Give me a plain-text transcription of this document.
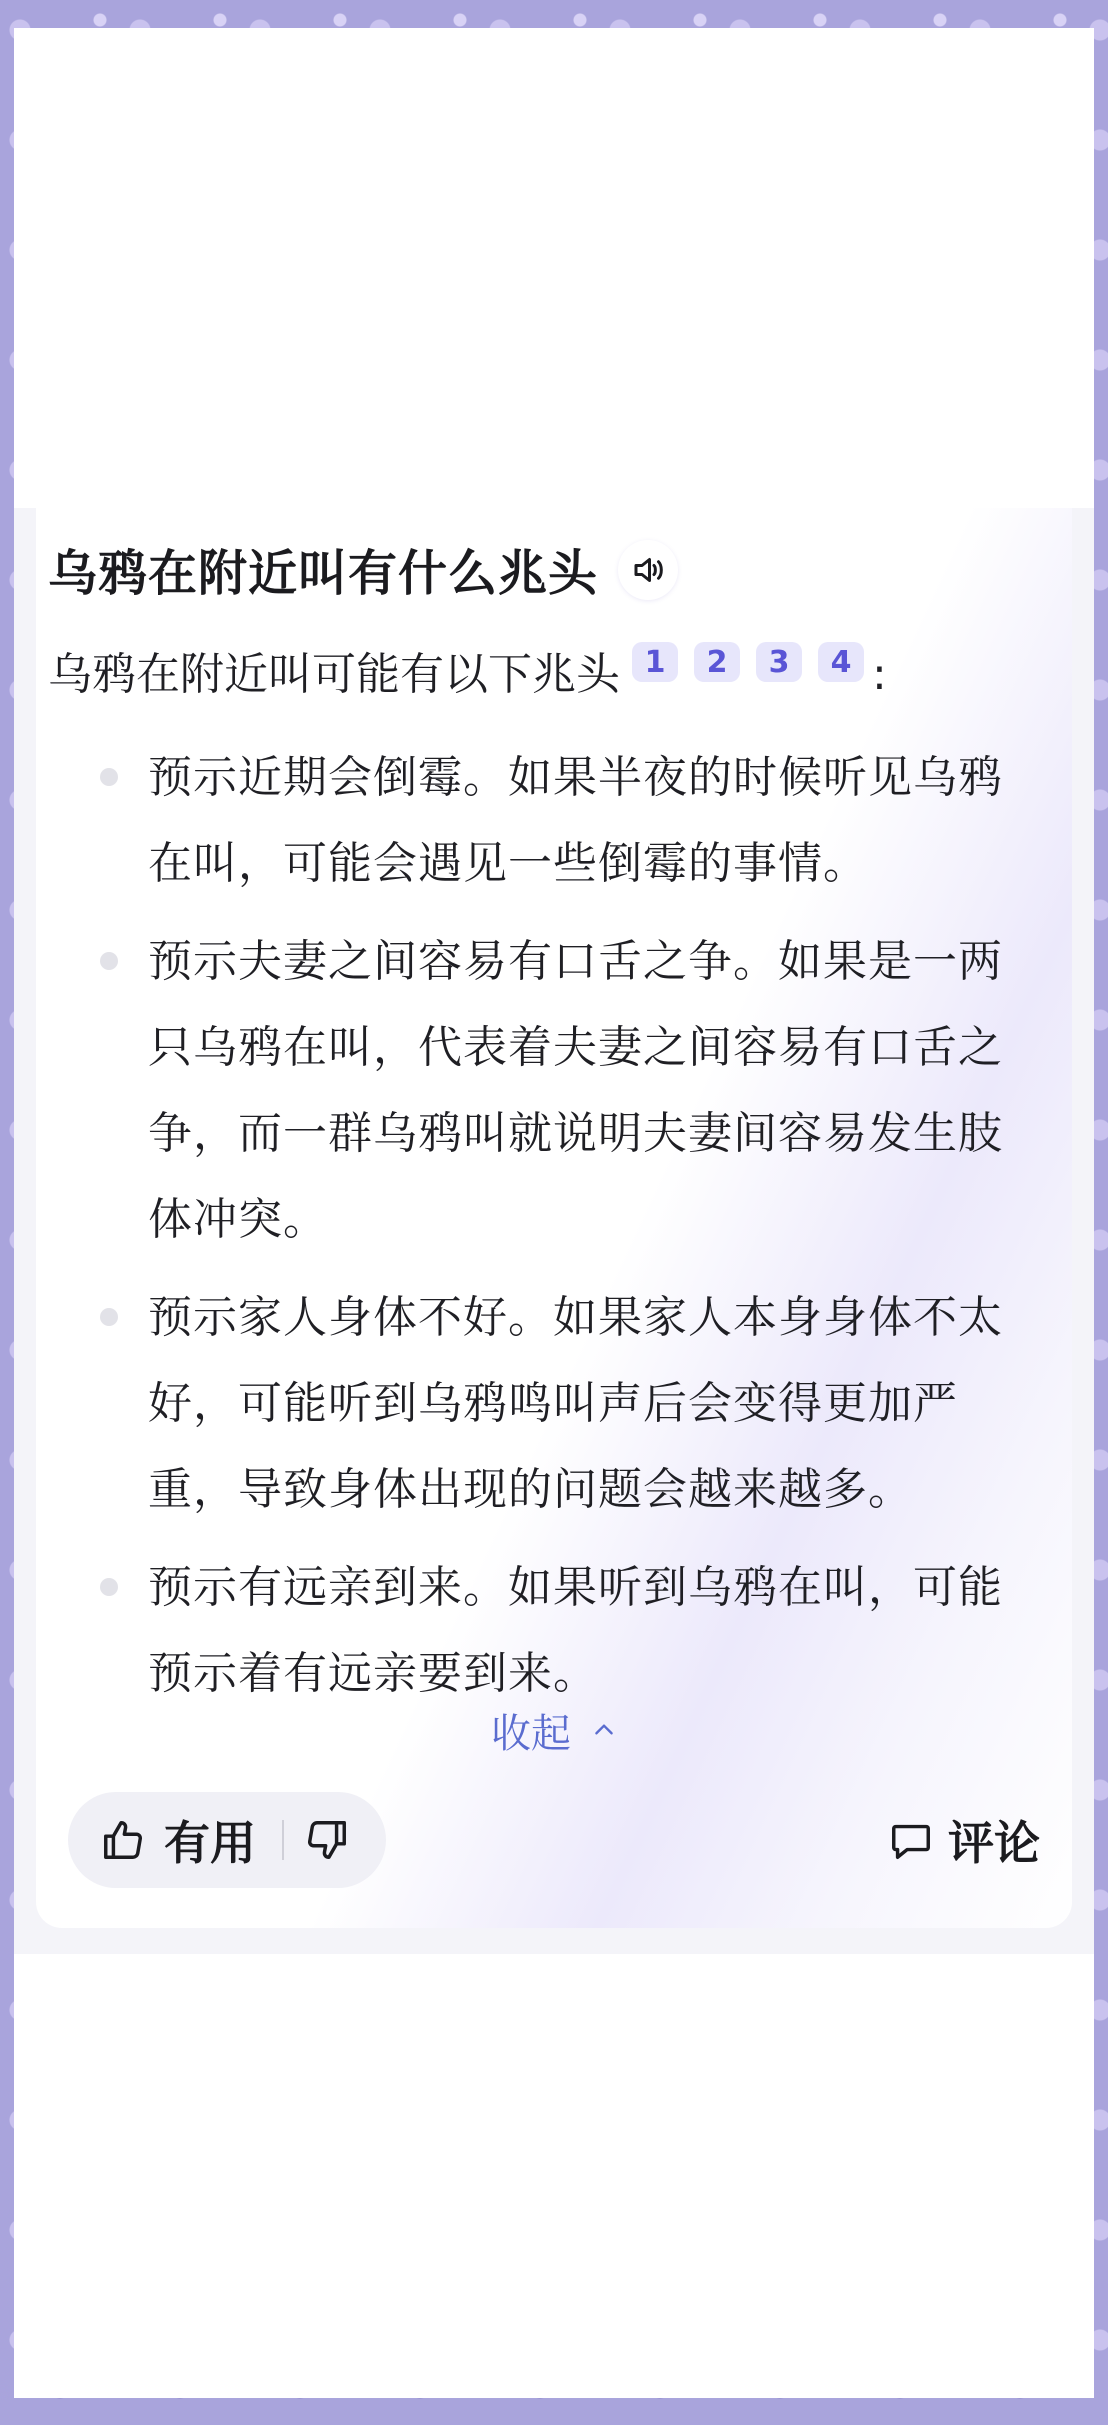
乌鸦在附近叫有什么兆头
乌鸦在附近叫可能有以下兆头 1	2	3	4 :
预示近期会倒霉。如果半夜的时候听见乌鸦在叫，可能会遇见一些倒霉的事情。
预示夫妻之间容易有口舌之争。如果是一两只乌鸦在叫，代表着夫妻之间容易有口舌之争，而一群乌鸦叫就说明夫妻间容易发生肢体冲突。
预示家人身体不好。如果家人本身身体不太好，可能听到乌鸦鸣叫声后会变得更加严重，导致身体出现的问题会越来越多。
预示有远亲到来。如果听到乌鸦在叫，可能预示着有远亲要到来。
收起
有用	评论
